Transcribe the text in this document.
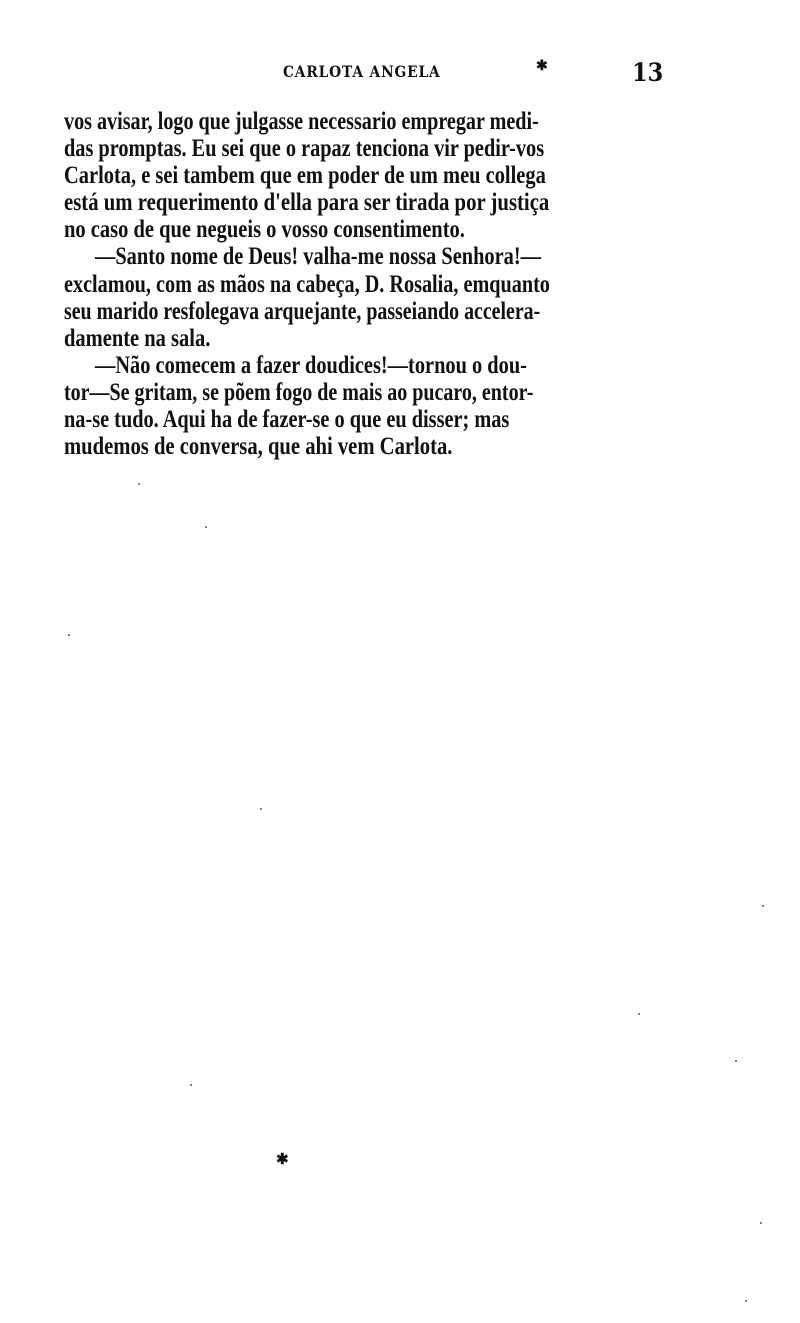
CARLOTA ANGELA	✱	13
vos avisar, logo que julgasse necessario empregar medi-
das promptas. Eu sei que o rapaz tenciona vir pedir-vos
Carlota, e sei tambem que em poder de um meu collega
está um requerimento d'ella para ser tirada por justiça
no caso de que negueis o vosso consentimento.
—Santo nome de Deus! valha-me nossa Senhora!—
exclamou, com as mãos na cabeça, D. Rosalia, emquanto
seu marido resfolegava arquejante, passeiando accelera-
damente na sala.
—Não comecem a fazer doudices!—tornou o dou-
tor—Se gritam, se põem fogo de mais ao pucaro, entor-
na-se tudo. Aqui ha de fazer-se o que eu disser; mas
mudemos de conversa, que ahi vem Carlota.
✱
